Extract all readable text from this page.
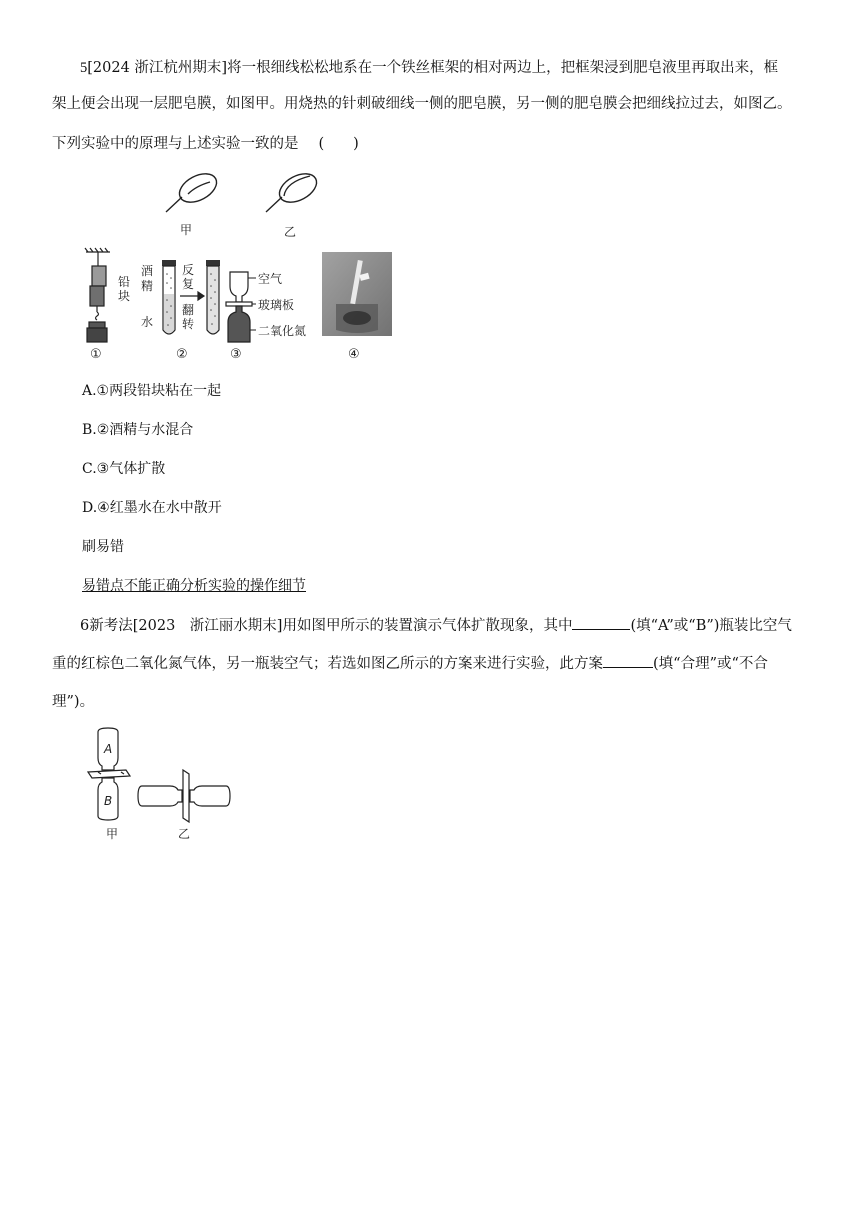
5[2024 浙江杭州期末]将一根细线松松地系在一个铁丝框架的相对两边上，把框架浸到肥皂液里再取出来，框

架上便会出现一层肥皂膜，如图甲。用烧热的针刺破细线一侧的肥皂膜，另一侧的肥皂膜会把细线拉过去，如图乙。

下列实验中的原理与上述实验一致的是 (　　)

甲	乙
铅
块
①
酒
精
水
反
复
翻
转
②
空气
玻璃板
二氧化氮
③	④

A.①两段铅块粘在一起

B.②酒精与水混合

C.③气体扩散

D.④红墨水在水中散开

刷易错

易错点不能正确分析实验的操作细节

6新考法[2023　浙江丽水期末]用如图甲所示的装置演示气体扩散现象，其中	(填“A”或“B”)瓶装比空气

重的红棕色二氧化氮气体，另一瓶装空气；若选如图乙所示的方案来进行实验，此方案	(填“合理”或“不合

理”)。

A
B
甲	乙
